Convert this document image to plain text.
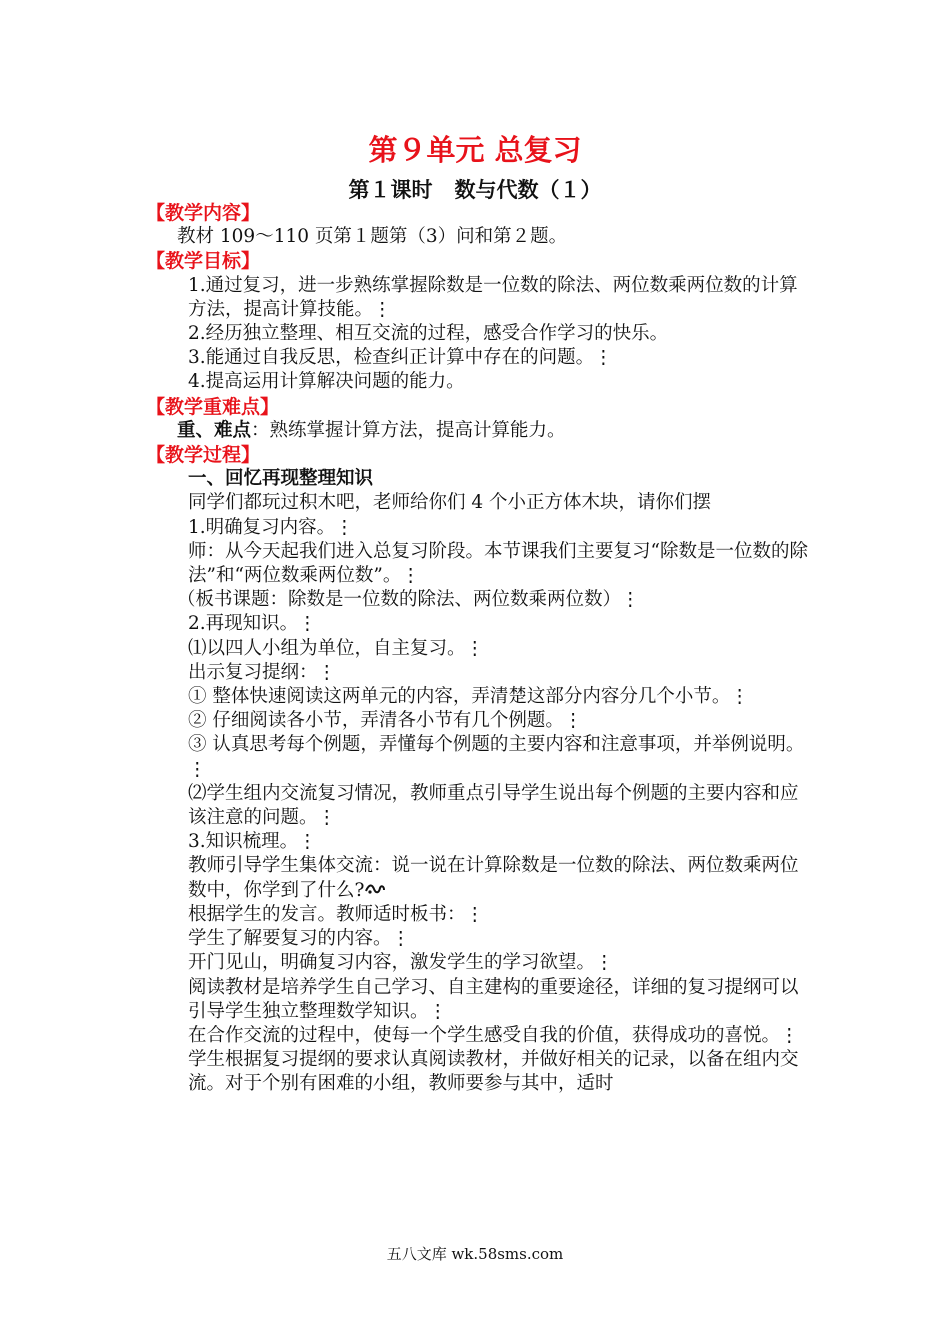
第９单元 总复习
第１课时   数与代数（１）

【教学内容】

教材 109～110 页第１题第（3）问和第２题。

【教学目标】

1.通过复习，进一步熟练掌握除数是一位数的除法、两位数乘两位数的计算方法，提高计算技能。⋮

2.经历独立整理、相互交流的过程，感受合作学习的快乐。

3.能通过自我反思，检查纠正计算中存在的问题。⋮

4.提高运用计算解决问题的能力。

【教学重难点】

重、难点：熟练掌握计算方法，提高计算能力。

【教学过程】

一、回忆再现整理知识

同学们都玩过积木吧，老师给你们 4 个小正方体木块，请你们摆

1.明确复习内容。⋮

师：从今天起我们进入总复习阶段。本节课我们主要复习“除数是一位数的除法”和“两位数乘两位数”。⋮

（板书课题：除数是一位数的除法、两位数乘两位数）⋮

2.再现知识。⋮

⑴以四人小组为单位，自主复习。⋮

出示复习提纲：⋮

① 整体快速阅读这两单元的内容，弄清楚这部分内容分几个小节。⋮

② 仔细阅读各小节，弄清各小节有几个例题。⋮

③ 认真思考每个例题，弄懂每个例题的主要内容和注意事项，并举例说明。⋮

⑵学生组内交流复习情况，教师重点引导学生说出每个例题的主要内容和应该注意的问题。⋮

3.知识梳理。⋮

教师引导学生集体交流：说一说在计算除数是一位数的除法、两位数乘两位数中，你学到了什么?

根据学生的发言。教师适时板书：⋮

学生了解要复习的内容。⋮

开门见山，明确复习内容，激发学生的学习欲望。⋮

阅读教材是培养学生自己学习、自主建构的重要途径，详细的复习提纲可以引导学生独立整理数学知识。⋮

在合作交流的过程中，使每一个学生感受自我的价值，获得成功的喜悦。⋮

学生根据复习提纲的要求认真阅读教材，并做好相关的记录，以备在组内交流。对于个别有困难的小组，教师要参与其中，适时

五八文库 wk.58sms.com
